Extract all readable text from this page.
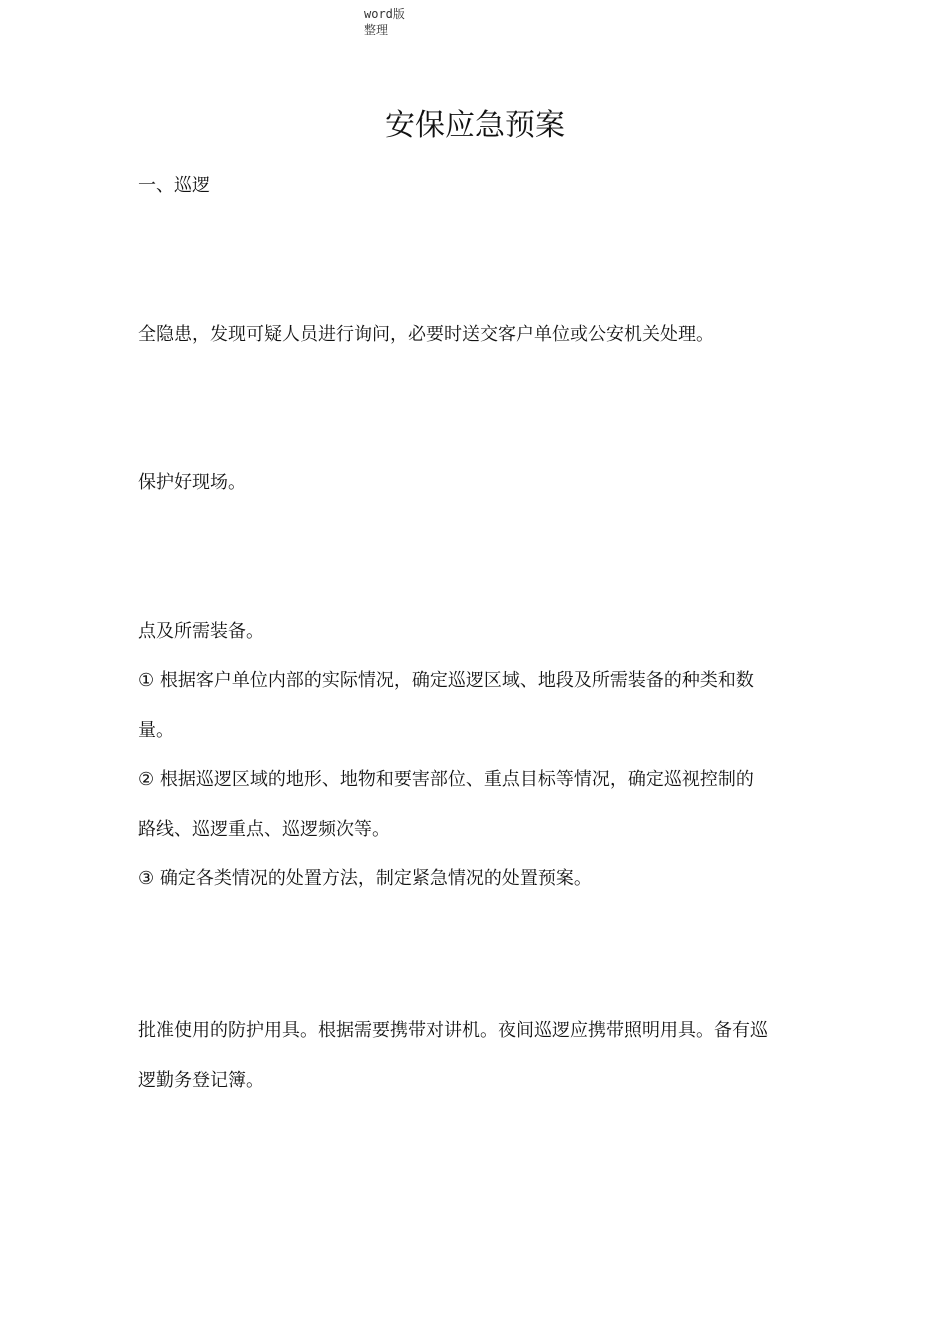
word版
整理
安保应急预案
一、巡逻
全隐患，发现可疑人员进行询问，必要时送交客户单位或公安机关处理。
保护好现场。
点及所需装备。
① 根据客户单位内部的实际情况，确定巡逻区域、地段及所需装备的种类和数
量。
② 根据巡逻区域的地形、地物和要害部位、重点目标等情况，确定巡视控制的
路线、巡逻重点、巡逻频次等。
③ 确定各类情况的处置方法，制定紧急情况的处置预案。
批准使用的防护用具。根据需要携带对讲机。夜间巡逻应携带照明用具。备有巡
逻勤务登记簿。
